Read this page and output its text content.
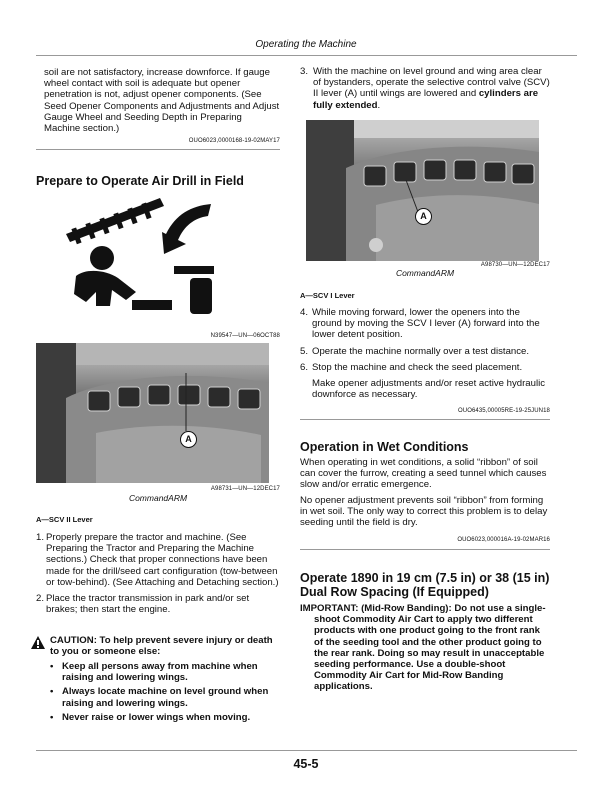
Operating the Machine
soil are not satisfactory, increase downforce. If gauge wheel contact with soil is adequate but opener penetration is not, adjust opener components. (See Seed Opener Components and Adjustments and Adjust Gauge Wheel and Seeding Depth in Preparing Machine section.)
OUO6023,0000168-19-02MAY17
Prepare to Operate Air Drill in Field
N39547—UN—06OCT88
A
A98731—UN—12DEC17
CommandARM
A—SCV II Lever
1. Properly prepare the tractor and machine. (See Preparing the Tractor and Preparing the Machine sections.) Check that proper connections have been made for the drill/seed cart configuration (tow-between or tow-behind). (See Attaching and Detaching section.)
2. Place the tractor transmission in park and/or set brakes; then start the engine.
CAUTION: To help prevent severe injury or death to you or someone else:
• Keep all persons away from machine when raising and lowering wings.
• Always locate machine on level ground when raising and lowering wings.
• Never raise or lower wings when moving.
3. With the machine on level ground and wing area clear of bystanders, operate the selective control valve (SCV) II lever (A) until wings are lowered and cylinders are fully extended.
A
A98730—UN—12DEC17
CommandARM
A—SCV I Lever
4. While moving forward, lower the openers into the ground by moving the SCV I lever (A) forward into the lower detent position.
5. Operate the machine normally over a test distance.
6. Stop the machine and check the seed placement.
Make opener adjustments and/or reset active hydraulic downforce as necessary.
OUO6435,00005RE-19-25JUN18
Operation in Wet Conditions
When operating in wet conditions, a solid “ribbon” of soil can cover the furrow, creating a seed tunnel which causes slow and/or erratic emergence.
No opener adjustment prevents soil “ribbon” from forming in wet soil. The only way to correct this problem is to delay seeding until the field is dry.
OUO6023,000016A-19-02MAR16
Operate 1890 in 19 cm (7.5 in) or 38 (15 in) Dual Row Spacing (If Equipped)
IMPORTANT: (Mid-Row Banding): Do not use a single-shoot Commodity Air Cart to apply two different products with one product going to the front rank of the seeding tool and the other product going to the rear rank. Doing so may result in unacceptable seeding performance. Use a double-shoot Commodity Air Cart for Mid-Row Banding applications.
45-5
